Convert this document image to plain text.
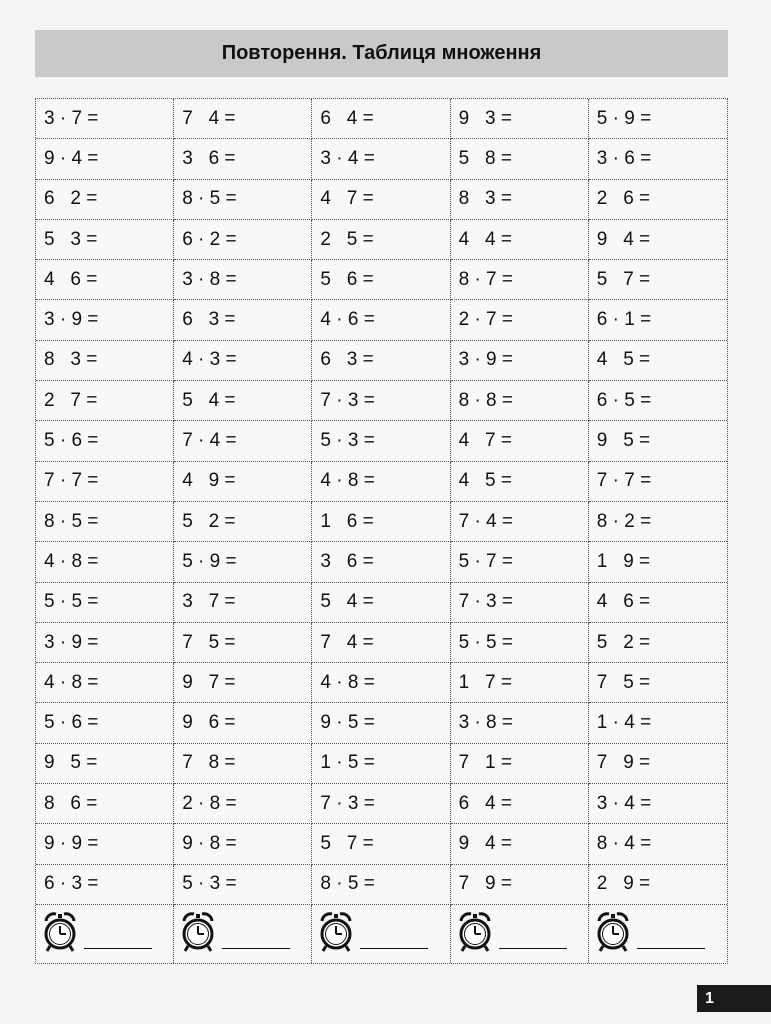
Повторення. Таблиця множення
3 · 7 =	7   4 =	6   4 =	9   3 =	5 · 9 =
9 · 4 =	3   6 =	3 · 4 =	5   8 =	3 · 6 =
6   2 =	8 · 5 =	4   7 =	8   3 =	2   6 =
5   3 =	6 · 2 =	2   5 =	4   4 =	9   4 =
4   6 =	3 · 8 =	5   6 =	8 · 7 =	5   7 =
3 · 9 =	6   3 =	4 · 6 =	2 · 7 =	6 · 1 =
8   3 =	4 · 3 =	6   3 =	3 · 9 =	4   5 =
2   7 =	5   4 =	7 · 3 =	8 · 8 =	6 · 5 =
5 · 6 =	7 · 4 =	5 · 3 =	4   7 =	9   5 =
7 · 7 =	4   9 =	4 · 8 =	4   5 =	7 · 7 =
8 · 5 =	5   2 =	1   6 =	7 · 4 =	8 · 2 =
4 · 8 =	5 · 9 =	3   6 =	5 · 7 =	1   9 =
5 · 5 =	3   7 =	5   4 =	7 · 3 =	4   6 =
3 · 9 =	7   5 =	7   4 =	5 · 5 =	5   2 =
4 · 8 =	9   7 =	4 · 8 =	1   7 =	7   5 =
5 · 6 =	9   6 =	9 · 5 =	3 · 8 =	1 · 4 =
9   5 =	7   8 =	1 · 5 =	7   1 =	7   9 =
8   6 =	2 · 8 =	7 · 3 =	6   4 =	3 · 4 =
9 · 9 =	9 · 8 =	5   7 =	9   4 =	8 · 4 =
6 · 3 =	5 · 3 =	8 · 5 =	7   9 =	2   9 =
1
